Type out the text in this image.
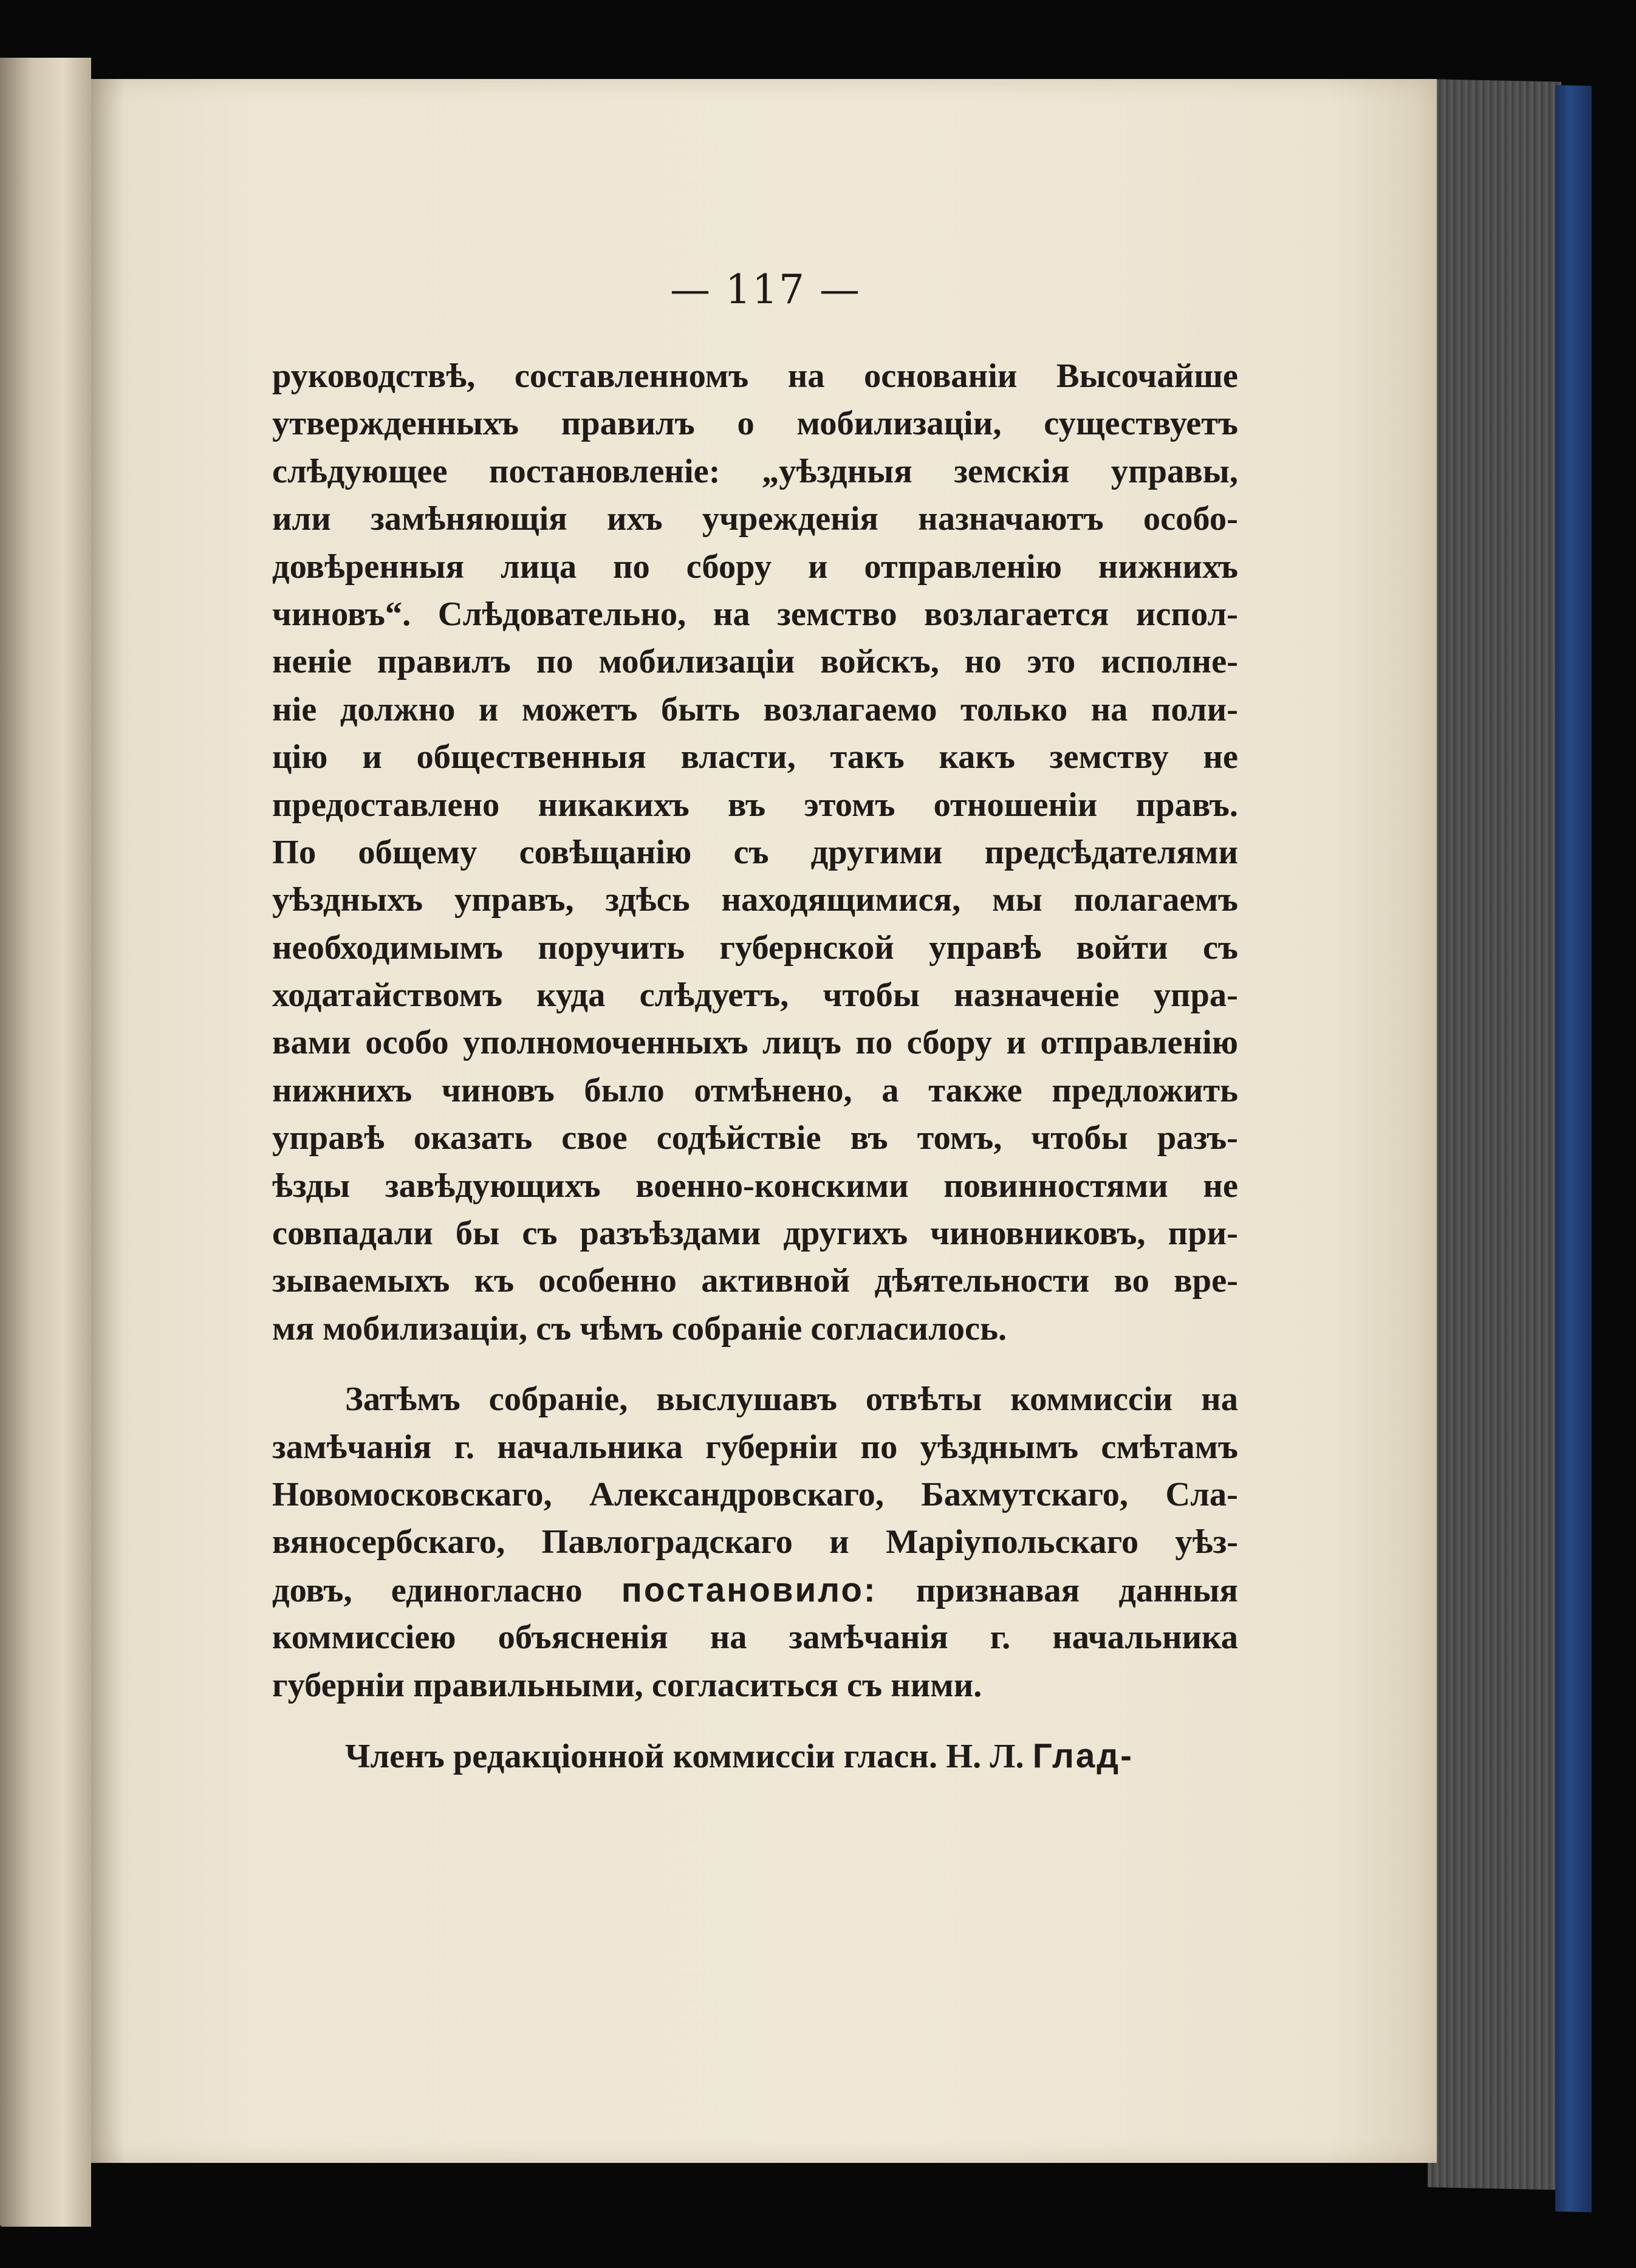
— 117 —
руководствѣ, составленномъ на основанiи Высочайше
утвержденныхъ правилъ о мобилизацiи, существуетъ
слѣдующее постановленiе: „уѣздныя земскiя управы,
или замѣняющiя ихъ учрежденiя назначаютъ особо-
довѣренныя лица по сбору и отправленiю нижнихъ
чиновъ“. Слѣдовательно, на земство возлагается испол-
ненiе правилъ по мобилизацiи войскъ, но это исполне-
нiе должно и можетъ быть возлагаемо только на поли-
цiю и общественныя власти, такъ какъ земству не
предоставлено никакихъ въ этомъ отношенiи правъ.
По общему совѣщанiю съ другими предсѣдателями
уѣздныхъ управъ, здѣсь находящимися, мы полагаемъ
необходимымъ поручить губернской управѣ войти съ
ходатайствомъ куда слѣдуетъ, чтобы назначенiе упра-
вами особо уполномоченныхъ лицъ по сбору и отправленiю
нижнихъ чиновъ было отмѣнено, а также предложить
управѣ оказать свое содѣйствiе въ томъ, чтобы разъ-
ѣзды завѣдующихъ военно-конскими повинностями не
совпадали бы съ разъѣздами другихъ чиновниковъ, при-
зываемыхъ къ особенно активной дѣятельности во вре-
мя мобилизацiи, съ чѣмъ собранiе согласилось.
Затѣмъ собранiе, выслушавъ отвѣты коммиссiи на
замѣчанiя г. начальника губернiи по уѣзднымъ смѣтамъ
Новомосковскаго, Александровскаго, Бахмутскаго, Сла-
вяносербскаго, Павлоградскаго и Марiупольскаго уѣз-
довъ, единогласно постановило: признавая данныя
коммиссiею объясненiя на замѣчанiя г. начальника
губернiи правильными, согласиться съ ними.
Членъ редакцiонной коммиссiи гласн. Н. Л. Глад-
